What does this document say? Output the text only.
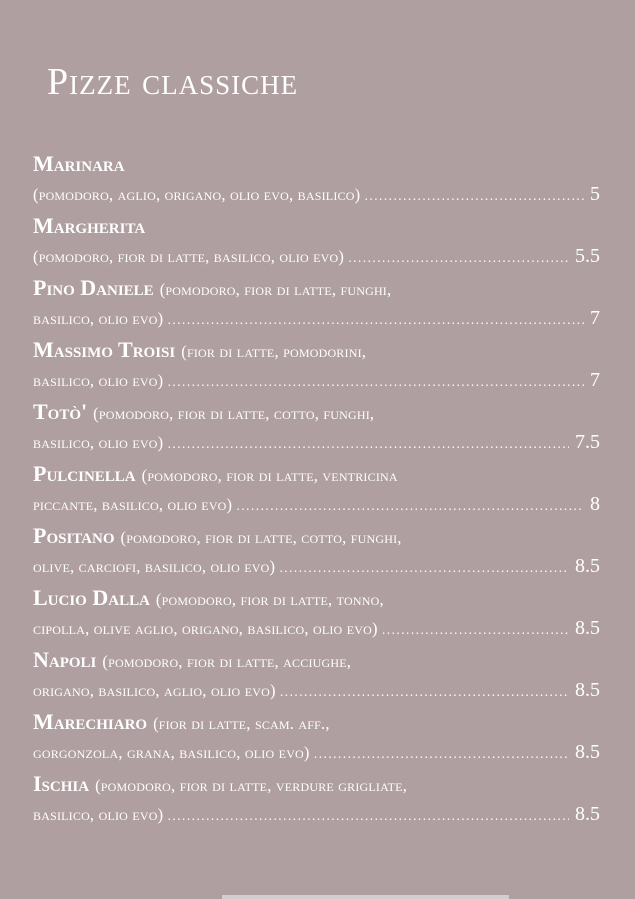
Pizze classiche
Marinara
(pomodoro, aglio, origano, olio evo, basilico) .....	5
Margherita
(pomodoro, fior di latte, basilico, olio evo) .....	5.5
Pino Daniele (pomodoro, fior di latte, funghi,
basilico, olio evo) .....	7
Massimo Troisi (fior di latte, pomodorini,
basilico, olio evo) .....	7
Totò' (pomodoro, fior di latte, cotto, funghi,
basilico, olio evo) .....	7.5
Pulcinella (pomodoro, fior di latte, ventricina
piccante, basilico, olio evo) .....	8
Positano (pomodoro, fior di latte, cotto, funghi,
olive, carciofi, basilico, olio evo) .....	8.5
Lucio Dalla (pomodoro, fior di latte, tonno,
cipolla, olive aglio, origano, basilico, olio evo) .....	8.5
Napoli (pomodoro, fior di latte, acciughe,
origano, basilico, aglio, olio evo) .....	8.5
Marechiaro (fior di latte, scam. aff.,
gorgonzola, grana, basilico, olio evo) .....	8.5
Ischia (pomodoro, fior di latte, verdure grigliate,
basilico, olio evo) .....	8.5
